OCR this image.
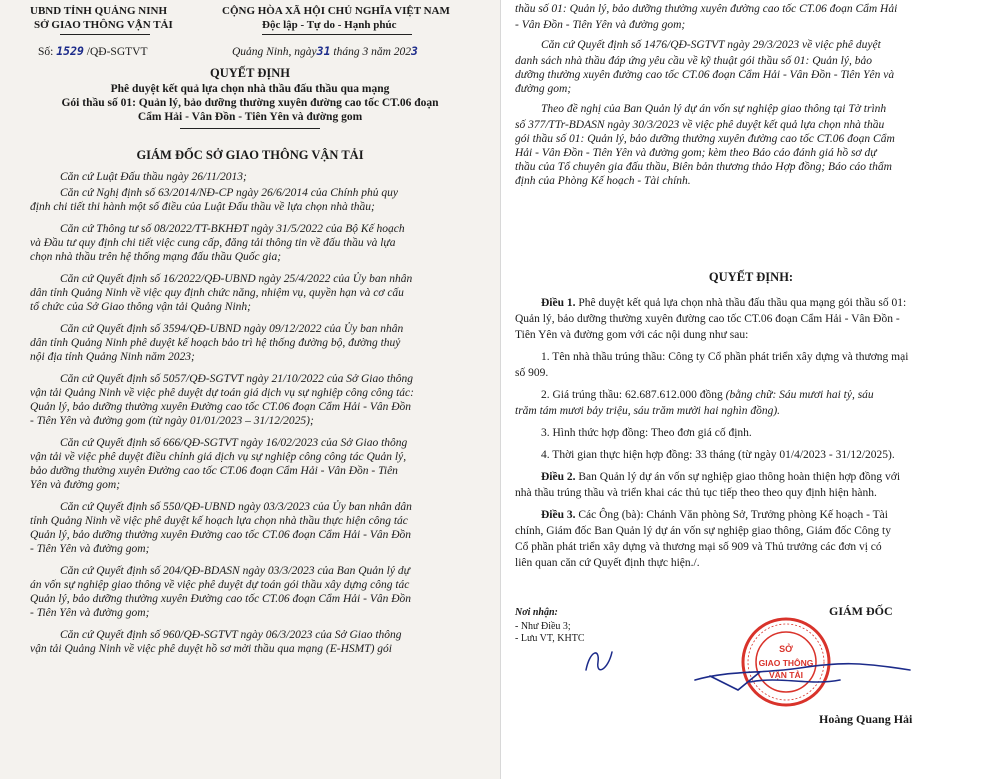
UBND TỈNH QUẢNG NINH
SỞ GIAO THÔNG VẬN TẢI
CỘNG HÒA XÃ HỘI CHỦ NGHĨA VIỆT NAM
Độc lập - Tự do - Hạnh phúc
Số: 1529 /QĐ-SGTVT	Quảng Ninh, ngày31 tháng 3 năm 2023
QUYẾT ĐỊNH
Phê duyệt kết quả lựa chọn nhà thầu đấu thầu qua mạng
Gói thầu số 01: Quản lý, bảo dưỡng thường xuyên đường cao tốc CT.06 đoạn
Cẩm Hải - Vân Đồn - Tiên Yên và đường gom
GIÁM ĐỐC SỞ GIAO THÔNG VẬN TẢI
Căn cứ Luật Đấu thầu ngày 26/11/2013;
Căn cứ Nghị định số 63/2014/NĐ-CP ngày 26/6/2014 của Chính phủ quy
định chi tiết thi hành một số điều của Luật Đấu thầu về lựa chọn nhà thầu;
Căn cứ Thông tư số 08/2022/TT-BKHĐT ngày 31/5/2022 của Bộ Kế hoạch
và Đầu tư quy định chi tiết việc cung cấp, đăng tải thông tin về đấu thầu và lựa
chọn nhà thầu trên hệ thống mạng đấu thầu Quốc gia;
Căn cứ Quyết định số 16/2022/QĐ-UBND ngày 25/4/2022 của Ủy ban nhân
dân tỉnh Quảng Ninh về việc quy định chức năng, nhiệm vụ, quyền hạn và cơ cấu
tổ chức của Sở Giao thông vận tải Quảng Ninh;
Căn cứ Quyết định số 3594/QĐ-UBND ngày 09/12/2022 của Ủy ban nhân
dân tỉnh Quảng Ninh phê duyệt kế hoạch bảo trì hệ thống đường bộ, đường thuỷ
nội địa tỉnh Quảng Ninh năm 2023;
Căn cứ Quyết định số 5057/QĐ-SGTVT ngày 21/10/2022 của Sở Giao thông
vận tải Quảng Ninh về việc phê duyệt dự toán giá dịch vụ sự nghiệp công công tác:
Quản lý, bảo dưỡng thường xuyên Đường cao tốc CT.06 đoạn Cẩm Hải - Vân Đồn
- Tiên Yên và đường gom (từ ngày 01/01/2023 – 31/12/2025);
Căn cứ Quyết định số 666/QĐ-SGTVT ngày 16/02/2023 của Sở Giao thông
vận tải về việc phê duyệt điều chỉnh giá dịch vụ sự nghiệp công công tác Quản lý,
bảo dưỡng thường xuyên Đường cao tốc CT.06 đoạn Cẩm Hải - Vân Đồn - Tiên
Yên và đường gom;
Căn cứ Quyết định số 550/QĐ-UBND ngày 03/3/2023 của Ủy ban nhân dân
tỉnh Quảng Ninh về việc phê duyệt kế hoạch lựa chọn nhà thầu thực hiện công tác
Quản lý, bảo dưỡng thường xuyên Đường cao tốc CT.06 đoạn Cẩm Hải - Vân Đồn
- Tiên Yên và đường gom;
Căn cứ Quyết định số 204/QĐ-BDASN ngày 03/3/2023 của Ban Quản lý dự
án vốn sự nghiệp giao thông về việc phê duyệt dự toán gói thầu xây dựng công tác
Quản lý, bảo dưỡng thường xuyên Đường cao tốc CT.06 đoạn Cẩm Hải - Vân Đồn
- Tiên Yên và đường gom;
Căn cứ Quyết định số 960/QĐ-SGTVT ngày 06/3/2023 của Sở Giao thông
vận tải Quảng Ninh về việc phê duyệt hồ sơ mời thầu qua mạng (E-HSMT) gói
thầu số 01: Quản lý, bảo dưỡng thường xuyên đường cao tốc CT.06 đoạn Cẩm Hải
- Vân Đồn - Tiên Yên và đường gom;
Căn cứ Quyết định số 1476/QĐ-SGTVT ngày 29/3/2023 về việc phê duyệt
danh sách nhà thầu đáp ứng yêu cầu về kỹ thuật gói thầu số 01: Quản lý, bảo
dưỡng thường xuyên đường cao tốc CT.06 đoạn Cẩm Hải - Vân Đồn - Tiên Yên và
đường gom;
Theo đề nghị của Ban Quản lý dự án vốn sự nghiệp giao thông tại Tờ trình
số 377/TTr-BDASN ngày 30/3/2023 về việc phê duyệt kết quả lựa chọn nhà thầu
gói thầu số 01: Quản lý, bảo dưỡng thường xuyên đường cao tốc CT.06 đoạn Cẩm
Hải - Vân Đồn - Tiên Yên và đường gom; kèm theo Báo cáo đánh giá hồ sơ dự
thầu của Tổ chuyên gia đấu thầu, Biên bản thương thảo Hợp đồng; Báo cáo thẩm
định của Phòng Kế hoạch - Tài chính.
QUYẾT ĐỊNH:
Điều 1. Phê duyệt kết quả lựa chọn nhà thầu đấu thầu qua mạng gói thầu số 01:
Quản lý, bảo dưỡng thường xuyên đường cao tốc CT.06 đoạn Cẩm Hải - Vân Đồn -
Tiên Yên và đường gom với các nội dung như sau:
1. Tên nhà thầu trúng thầu: Công ty Cổ phần phát triển xây dựng và thương mại
số 909.
2. Giá trúng thầu: 62.687.612.000 đồng (bằng chữ: Sáu mươi hai tỷ, sáu
trăm tám mươi bảy triệu, sáu trăm mười hai nghìn đồng).
3. Hình thức hợp đồng: Theo đơn giá cố định.
4. Thời gian thực hiện hợp đồng: 33 tháng (từ ngày 01/4/2023 - 31/12/2025).
Điều 2. Ban Quản lý dự án vốn sự nghiệp giao thông hoàn thiện hợp đồng với
nhà thầu trúng thầu và triển khai các thủ tục tiếp theo theo quy định hiện hành.
Điều 3. Các Ông (bà): Chánh Văn phòng Sở, Trưởng phòng Kế hoạch - Tài
chính, Giám đốc Ban Quản lý dự án vốn sự nghiệp giao thông, Giám đốc Công ty
Cổ phần phát triển xây dựng và thương mại số 909 và Thủ trưởng các đơn vị có
liên quan căn cứ Quyết định thực hiện./.
Nơi nhận:
- Như Điều 3;
- Lưu VT, KHTC
GIÁM ĐỐC
Hoàng Quang Hải
SỞ
GIAO THÔNG
VẬN TẢI
